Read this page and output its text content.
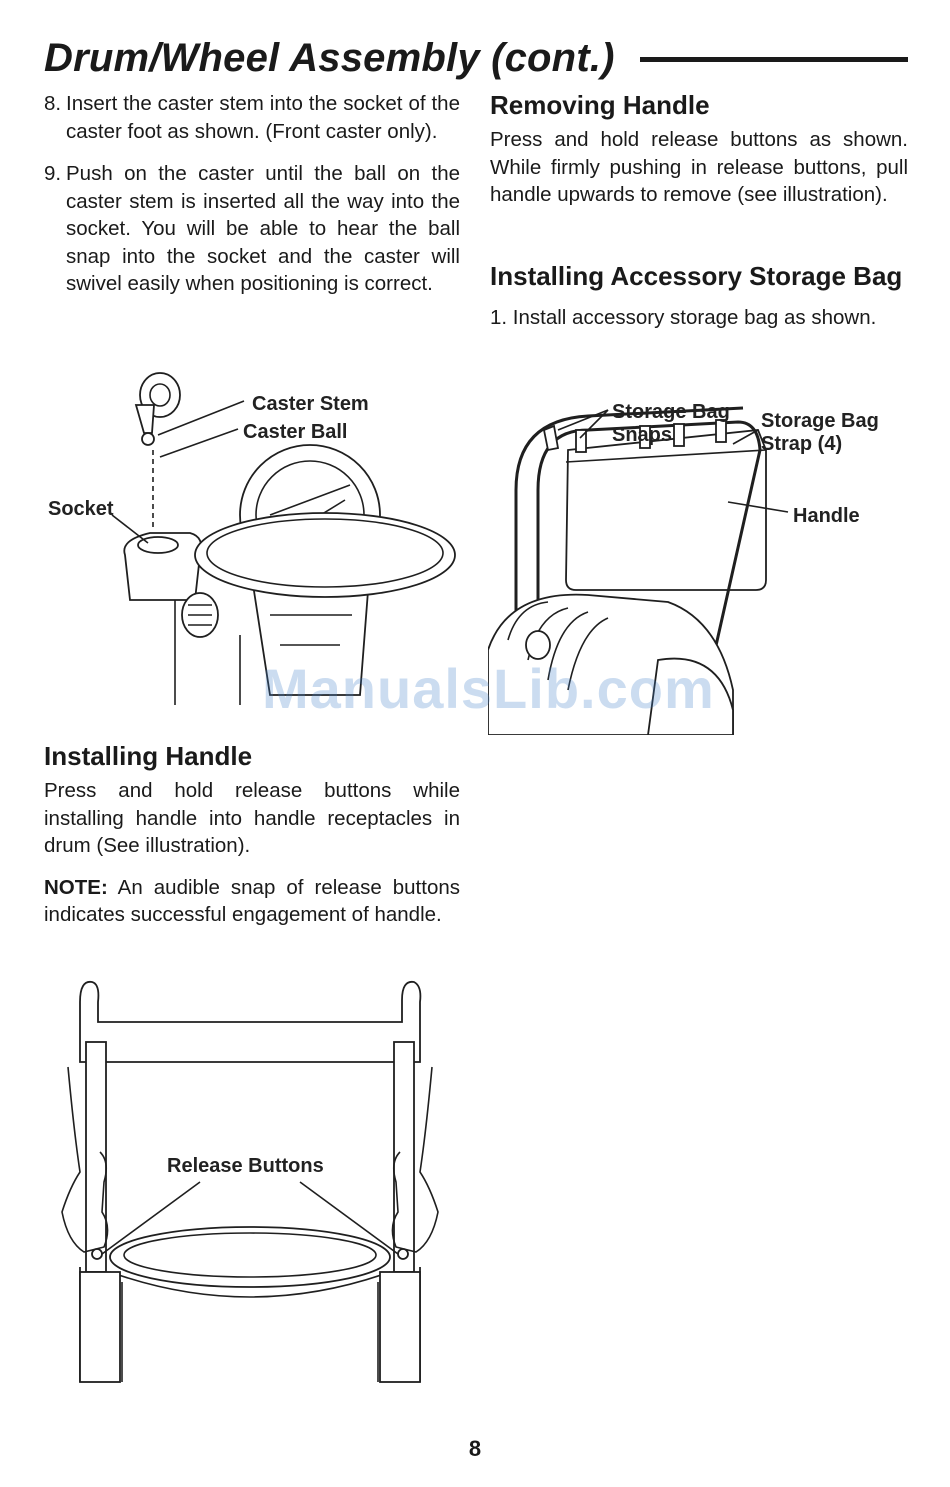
Drum/Wheel Assembly (cont.)
8. Insert the caster stem into the socket of the caster foot as shown. (Front caster only).
9. Push on the caster until the ball on the caster stem is inserted all the way into the socket. You will be able to hear the ball snap into the socket and the caster will swivel easily when positioning is correct.
Removing Handle

Press and hold release buttons as shown. While firmly pushing in release buttons, pull handle upwards to remove (see illustration).

Installing Accessory Storage Bag

1. Install accessory storage bag as shown.

Caster Stem
Caster Ball
Socket
Storage Bag
Snaps
Storage Bag
Strap (4)
Handle
ManualsLib.com
Installing Handle

Press and hold release buttons while installing handle into handle receptacles in drum (See illustration).

NOTE: An audible snap of release buttons indicates successful engagement of handle.

Release Buttons
8
